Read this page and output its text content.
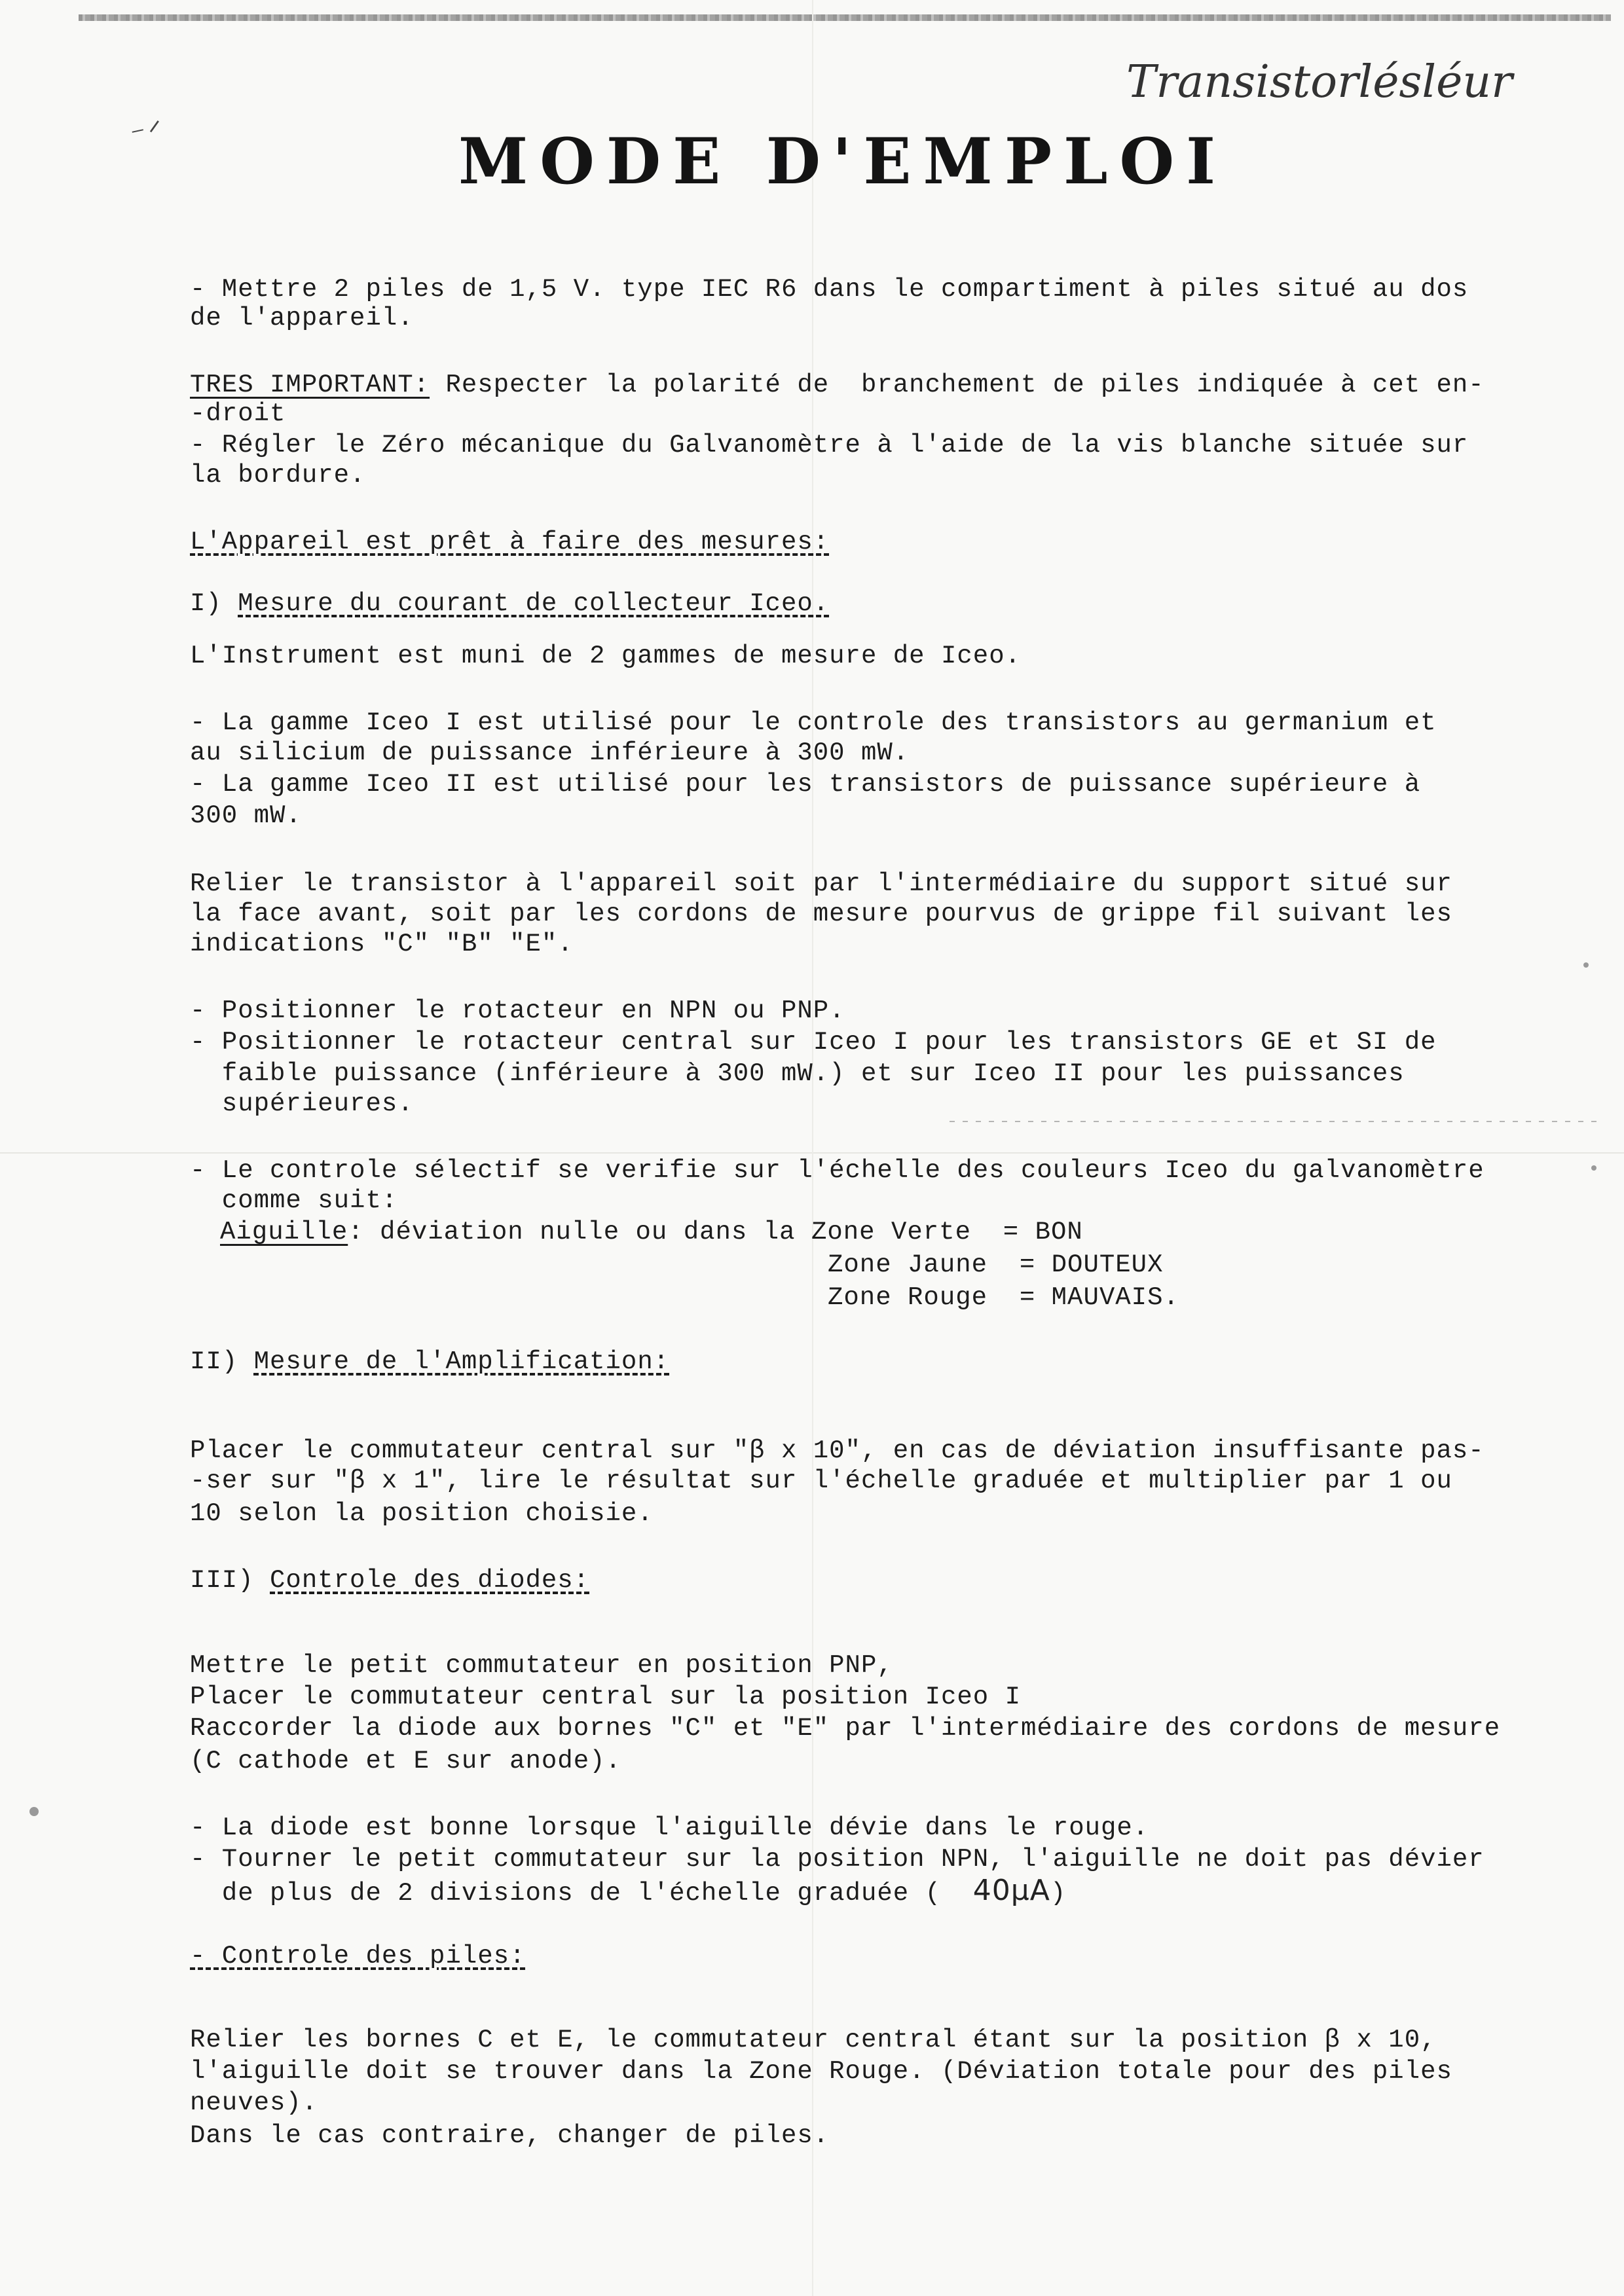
⁻ᐟ
Transistorlésléur
MODE D'EMPLOI
- Mettre 2 piles de 1,5 V. type IEC R6 dans le compartiment à piles situé au dos
de l'appareil.
TRES IMPORTANT: Respecter la polarité de  branchement de piles indiquée à cet en-
-droit
- Régler le Zéro mécanique du Galvanomètre à l'aide de la vis blanche située sur
la bordure.
L'Appareil est prêt à faire des mesures:
I) Mesure du courant de collecteur Iceo.
L'Instrument est muni de 2 gammes de mesure de Iceo.
- La gamme Iceo I est utilisé pour le controle des transistors au germanium et
au silicium de puissance inférieure à 300 mW.
- La gamme Iceo II est utilisé pour les transistors de puissance supérieure à
300 mW.
Relier le transistor à l'appareil soit par l'intermédiaire du support situé sur
la face avant, soit par les cordons de mesure pourvus de grippe fil suivant les
indications "C" "B" "E".
- Positionner le rotacteur en NPN ou PNP.
- Positionner le rotacteur central sur Iceo I pour les transistors GE et SI de
faible puissance (inférieure à 300 mW.) et sur Iceo II pour les puissances
supérieures.
- Le controle sélectif se verifie sur l'échelle des couleurs Iceo du galvanomètre
comme suit:
Aiguille: déviation nulle ou dans la Zone Verte  = BON
Zone Jaune  = DOUTEUX
Zone Rouge  = MAUVAIS.
II) Mesure de l'Amplification:
Placer le commutateur central sur "β x 10", en cas de déviation insuffisante pas-
-ser sur "β x 1", lire le résultat sur l'échelle graduée et multiplier par 1 ou
10 selon la position choisie.
III) Controle des diodes:
Mettre le petit commutateur en position PNP,
Placer le commutateur central sur la position Iceo I
Raccorder la diode aux bornes "C" et "E" par l'intermédiaire des cordons de mesure
(C cathode et E sur anode).
- La diode est bonne lorsque l'aiguille dévie dans le rouge.
- Tourner le petit commutateur sur la position NPN, l'aiguille ne doit pas dévier
de plus de 2 divisions de l'échelle graduée (  40μA)
- Controle des piles:
Relier les bornes C et E, le commutateur central étant sur la position β x 10,
l'aiguille doit se trouver dans la Zone Rouge. (Déviation totale pour des piles
neuves).
Dans le cas contraire, changer de piles.
